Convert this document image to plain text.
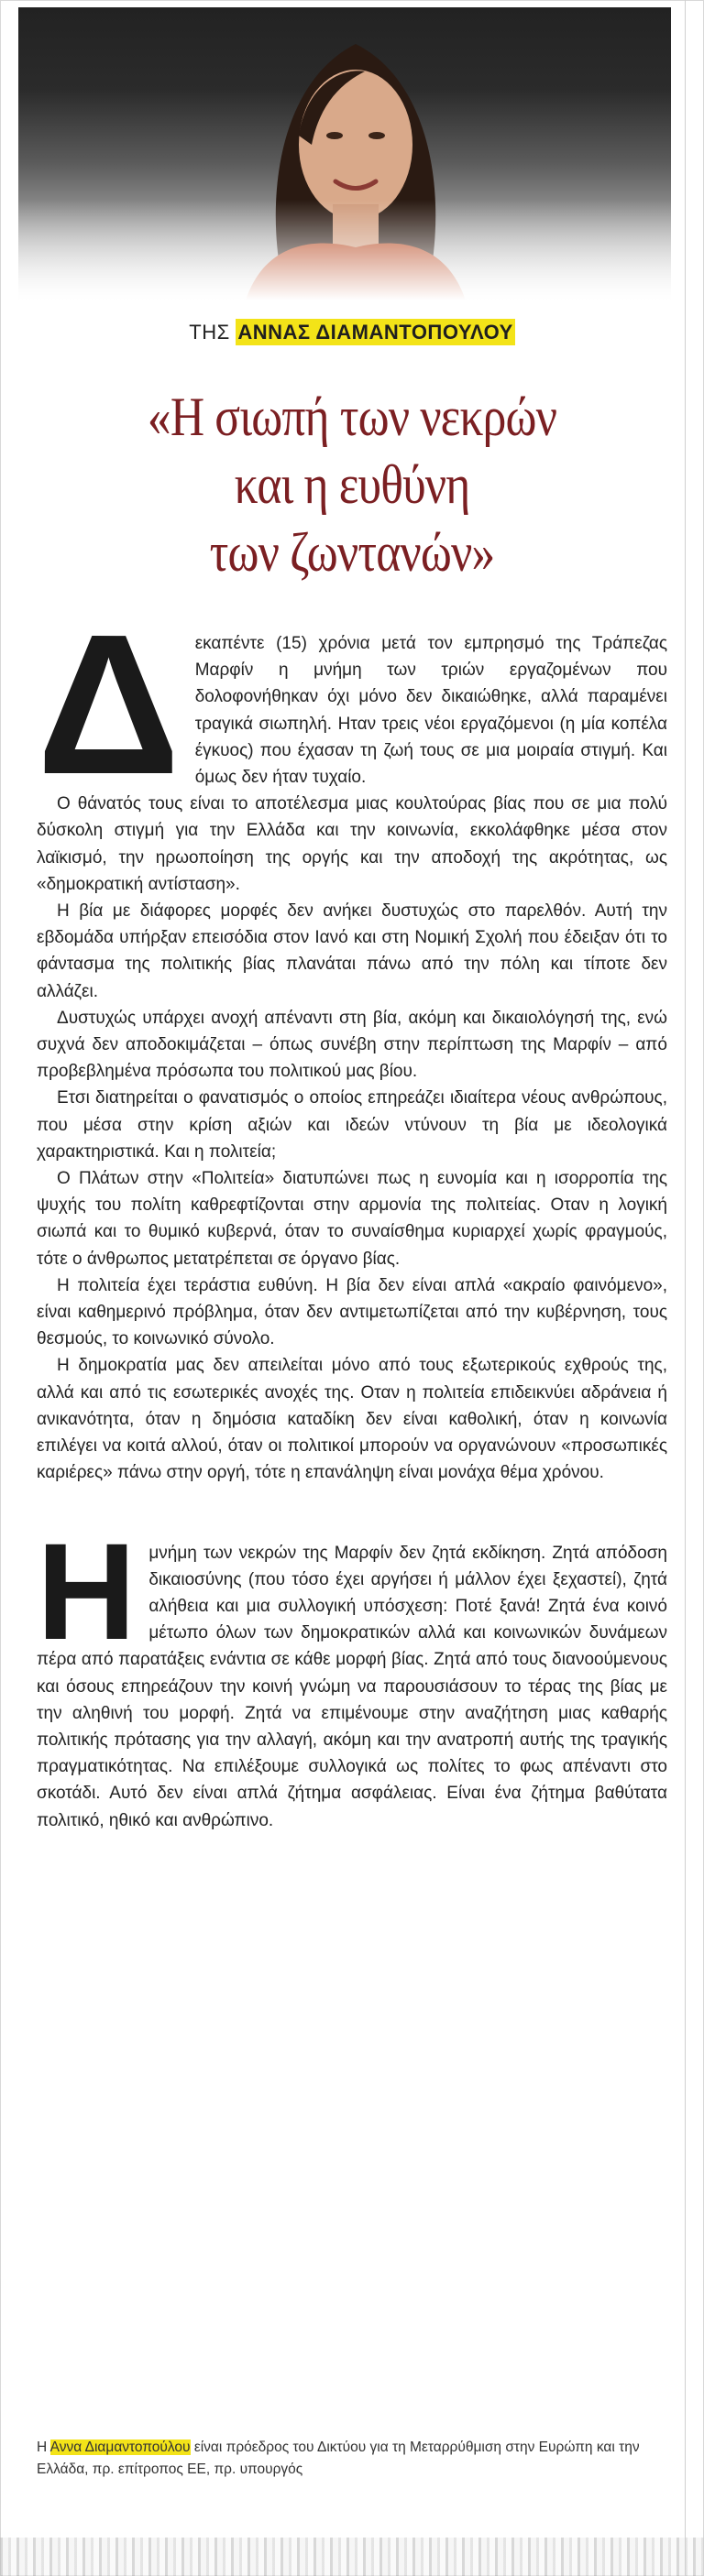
ΤΗΣ ΑΝΝΑΣ ΔΙΑΜΑΝΤΟΠΟΥΛΟΥ
«Η σιωπή των νεκρών
και η ευθύνη
των ζωντανών»
Δ εκαπέντε (15) χρόνια μετά τον εμπρησμό της Τράπεζας Μαρφίν η μνήμη των τριών εργαζομένων που δολοφονήθηκαν όχι μόνο δεν δικαιώθηκε, αλλά παραμένει τραγικά σιωπηλή. Ηταν τρεις νέοι εργαζόμενοι (η μία κοπέλα έγκυος) που έχασαν τη ζωή τους σε μια μοιραία στιγμή. Και όμως δεν ήταν τυχαίο.

Ο θάνατός τους είναι το αποτέλεσμα μιας κουλτούρας βίας που σε μια πολύ δύσκολη στιγμή για την Ελλάδα και την κοινωνία, εκκολάφθηκε μέσα στον λαϊκισμό, την ηρωοποίηση της οργής και την αποδοχή της ακρότητας, ως «δημοκρατική αντίσταση».

Η βία με διάφορες μορφές δεν ανήκει δυστυχώς στο παρελθόν. Αυτή την εβδομάδα υπήρξαν επεισόδια στον Ιανό και στη Νομική Σχολή που έδειξαν ότι το φάντασμα της πολιτικής βίας πλανάται πάνω από την πόλη και τίποτε δεν αλλάζει.

Δυστυχώς υπάρχει ανοχή απέναντι στη βία, ακόμη και δικαιολόγησή της, ενώ συχνά δεν αποδοκιμάζεται – όπως συνέβη στην περίπτωση της Μαρφίν – από προβεβλημένα πρόσωπα του πολιτικού μας βίου.

Ετσι διατηρείται ο φανατισμός ο οποίος επηρεάζει ιδιαίτερα νέους ανθρώπους, που μέσα στην κρίση αξιών και ιδεών ντύνουν τη βία με ιδεολογικά χαρακτηριστικά. Και η πολιτεία;

Ο Πλάτων στην «Πολιτεία» διατυπώνει πως η ευνομία και η ισορροπία της ψυχής του πολίτη καθρεφτίζονται στην αρμονία της πολιτείας. Οταν η λογική σιωπά και το θυμικό κυβερνά, όταν το συναίσθημα κυριαρχεί χωρίς φραγμούς, τότε ο άνθρωπος μετατρέπεται σε όργανο βίας.

Η πολιτεία έχει τεράστια ευθύνη. Η βία δεν είναι απλά «ακραίο φαινόμενο», είναι καθημερινό πρόβλημα, όταν δεν αντιμετωπίζεται από την κυβέρνηση, τους θεσμούς, το κοινωνικό σύνολο.

Η δημοκρατία μας δεν απειλείται μόνο από τους εξωτερικούς εχθρούς της, αλλά και από τις εσωτερικές ανοχές της. Οταν η πολιτεία επιδεικνύει αδράνεια ή ανικανότητα, όταν η δημόσια καταδίκη δεν είναι καθολική, όταν η κοινωνία επιλέγει να κοιτά αλλού, όταν οι πολιτικοί μπορούν να οργανώνουν «προσωπικές καριέρες» πάνω στην οργή, τότε η επανάληψη είναι μονάχα θέμα χρόνου.

Η μνήμη των νεκρών της Μαρφίν δεν ζητά εκδίκηση. Ζητά απόδοση δικαιοσύνης (που τόσο έχει αργήσει ή μάλλον έχει ξεχαστεί), ζητά αλήθεια και μια συλλογική υπόσχεση: Ποτέ ξανά! Ζητά ένα κοινό μέτωπο όλων των δημοκρατικών αλλά και κοινωνικών δυνάμεων πέρα από παρατάξεις ενάντια σε κάθε μορφή βίας. Ζητά από τους διανοούμενους και όσους επηρεάζουν την κοινή γνώμη να παρουσιάσουν το τέρας της βίας με την αληθινή του μορφή. Ζητά να επιμένουμε στην αναζήτηση μιας καθαρής πολιτικής πρότασης για την αλλαγή, ακόμη και την ανατροπή αυτής της τραγικής πραγματικότητας. Να επιλέξουμε συλλογικά ως πολίτες το φως απέναντι στο σκοτάδι. Αυτό δεν είναι απλά ζήτημα ασφάλειας. Είναι ένα ζήτημα βαθύτατα πολιτικό, ηθικό και ανθρώπινο.

Η Αννα Διαμαντοπούλου είναι πρόεδρος του Δικτύου για τη Μεταρρύθμιση στην Ευρώπη και την Ελλάδα, πρ. επίτροπος ΕΕ, πρ. υπουργός
